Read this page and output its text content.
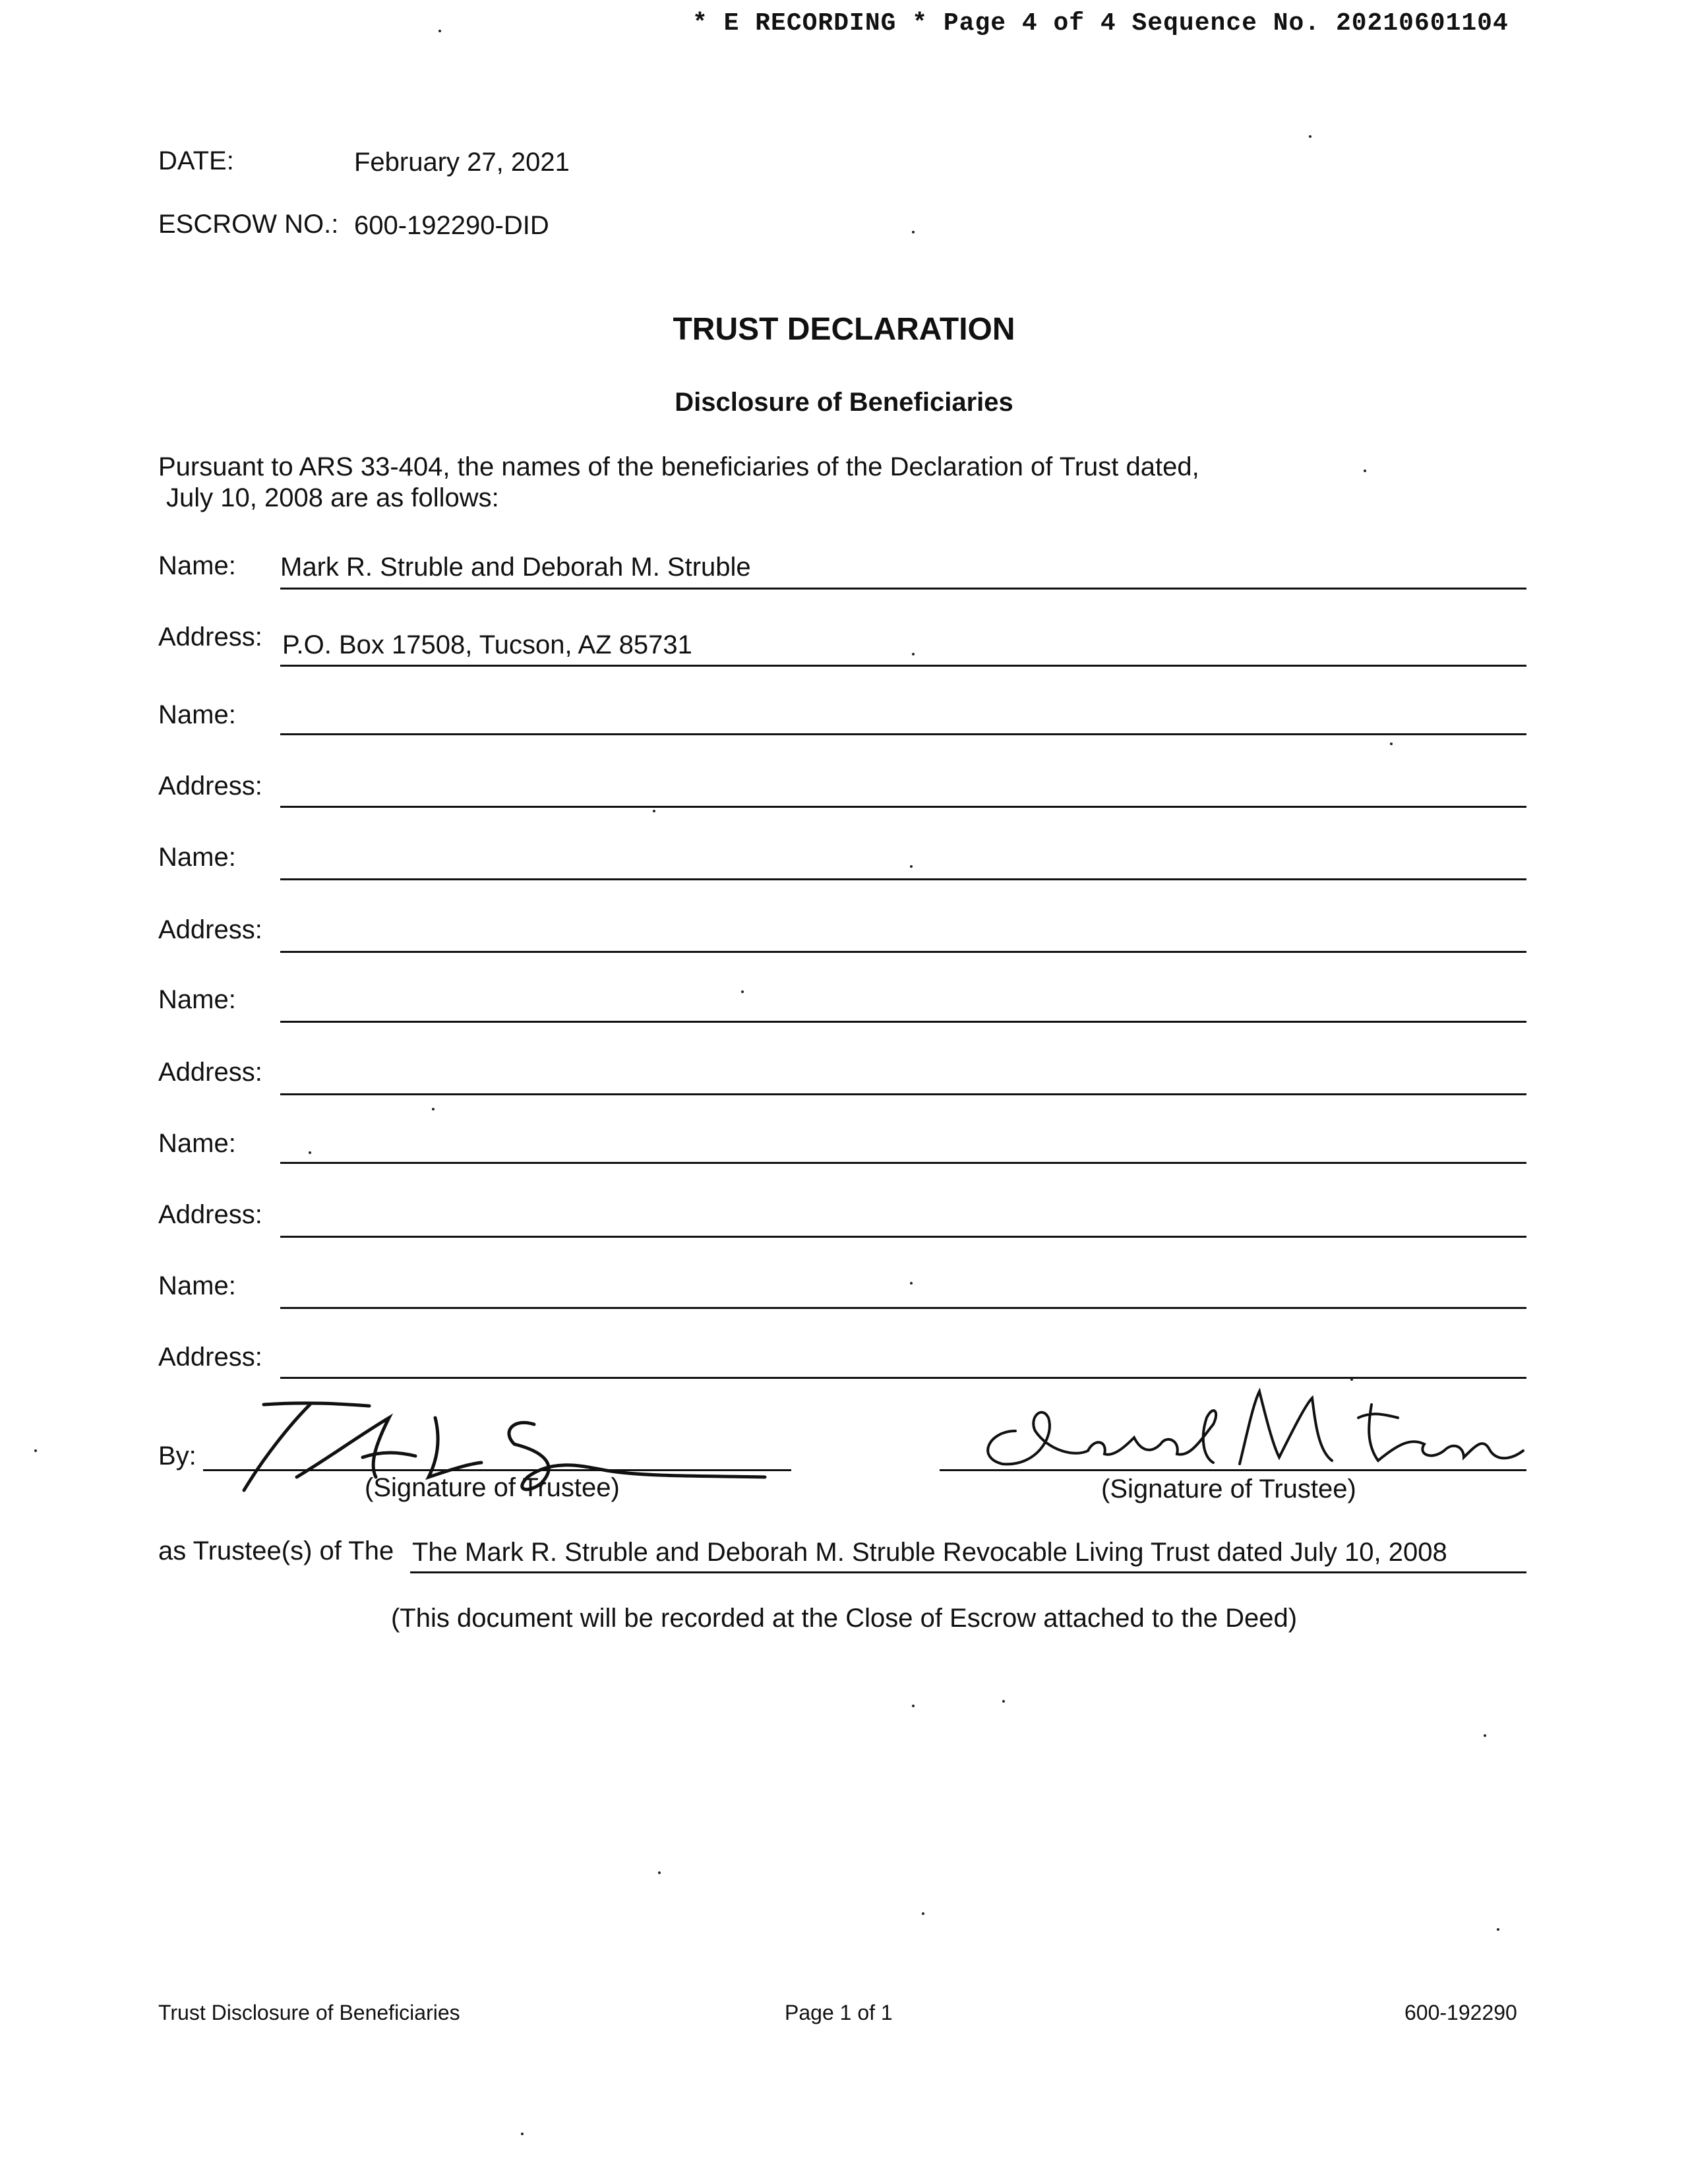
* E RECORDING * Page 4 of 4 Sequence No. 20210601104
DATE:	February 27, 2021
ESCROW NO.: 600-192290-DID
TRUST DECLARATION
Disclosure of Beneficiaries
Pursuant to ARS 33-404, the names of the beneficiaries of the Declaration of Trust dated,
July 10, 2008 are as follows:
Name: Mark R. Struble and Deborah M. Struble
Address: P.O. Box 17508, Tucson, AZ 85731
Name:
Address:
Name:
Address:
Name:
Address:
Name:
Address:
Name:
Address:
By:
(Signature of Trustee)	(Signature of Trustee)
as Trustee(s) of The The Mark R. Struble and Deborah M. Struble Revocable Living Trust dated July 10, 2008
(This document will be recorded at the Close of Escrow attached to the Deed)
Trust Disclosure of Beneficiaries	Page 1 of 1	600-192290
